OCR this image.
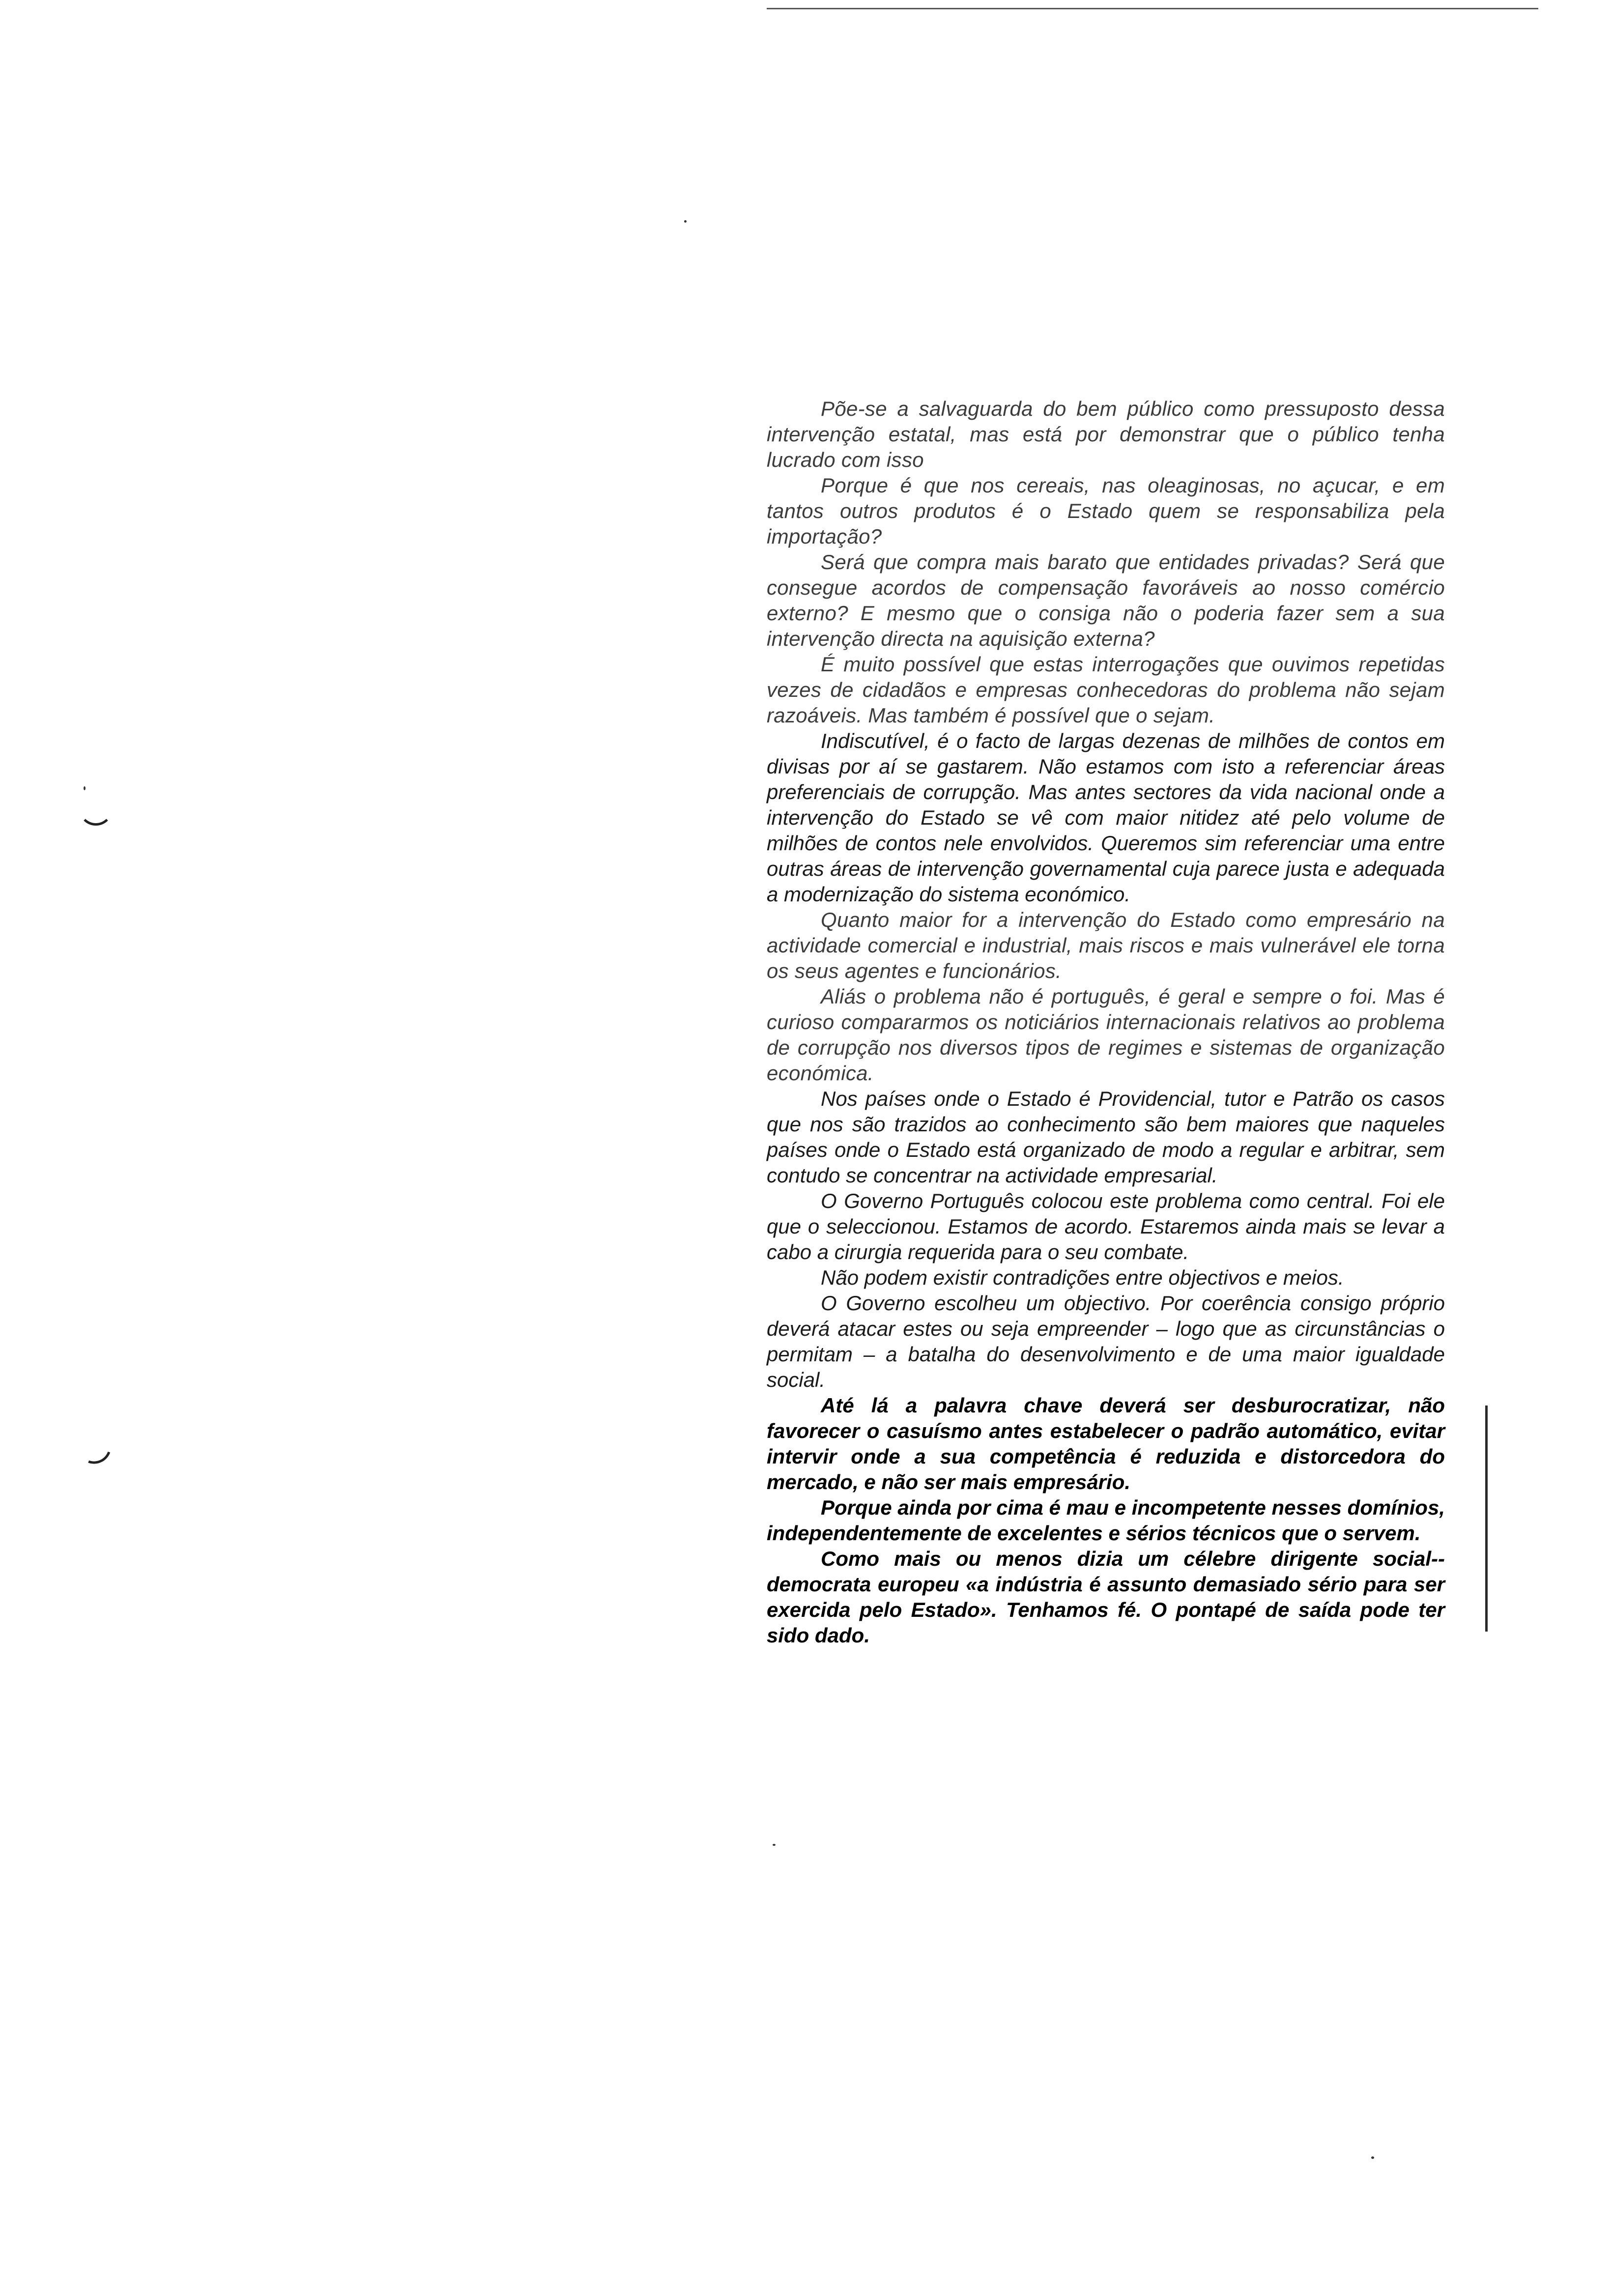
Põe-se a salvaguarda do bem público como pressuposto dessa intervenção estatal, mas está por demonstrar que o público tenha lucrado com isso

Porque é que nos cereais, nas oleaginosas, no açucar, e em tantos outros produtos é o Estado quem se responsabiliza pela importação?

Será que compra mais barato que entidades privadas? Será que consegue acordos de compensação favoráveis ao nosso comércio externo? E mesmo que o consiga não o poderia fazer sem a sua intervenção directa na aquisição externa?

É muito possível que estas interrogações que ouvimos repetidas vezes de cidadãos e empresas conhecedoras do problema não sejam razoáveis. Mas também é possível que o sejam.

Indiscutível, é o facto de largas dezenas de milhões de contos em divisas por aí se gastarem. Não estamos com isto a referenciar áreas preferenciais de corrupção. Mas antes sectores da vida nacional onde a intervenção do Estado se vê com maior nitidez até pelo volume de milhões de contos nele envolvidos. Queremos sim referenciar uma entre outras áreas de intervenção governamental cuja parece justa e adequada a modernização do sistema económico.

Quanto maior for a intervenção do Estado como empresário na actividade comercial e industrial, mais riscos e mais vulnerável ele torna os seus agentes e funcionários.

Aliás o problema não é português, é geral e sempre o foi. Mas é curioso compararmos os noticiários internacionais relativos ao problema de corrupção nos diversos tipos de regimes e sistemas de organização económica.

Nos países onde o Estado é Providencial, tutor e Patrão os casos que nos são trazidos ao conhecimento são bem maiores que naqueles países onde o Estado está organizado de modo a regular e arbitrar, sem contudo se concentrar na actividade empresarial.

O Governo Português colocou este problema como central. Foi ele que o seleccionou. Estamos de acordo. Estaremos ainda mais se levar a cabo a cirurgia requerida para o seu combate.

Não podem existir contradições entre objectivos e meios.

O Governo escolheu um objectivo. Por coerência consigo próprio deverá atacar estes ou seja empreender – logo que as circunstâncias o permitam – a batalha do desenvolvimento e de uma maior igualdade social.

Até lá a palavra chave deverá ser desburocratizar, não favorecer o casuísmo antes estabelecer o padrão automático, evitar intervir onde a sua competência é reduzida e distorcedora do mercado, e não ser mais empresário.

Porque ainda por cima é mau e incompetente nesses domínios, independentemente de excelentes e sérios técnicos que o servem.

Como mais ou menos dizia um célebre dirigente social--democrata europeu «a indústria é assunto demasiado sério para ser exercida pelo Estado». Tenhamos fé. O pontapé de saída pode ter sido dado.
